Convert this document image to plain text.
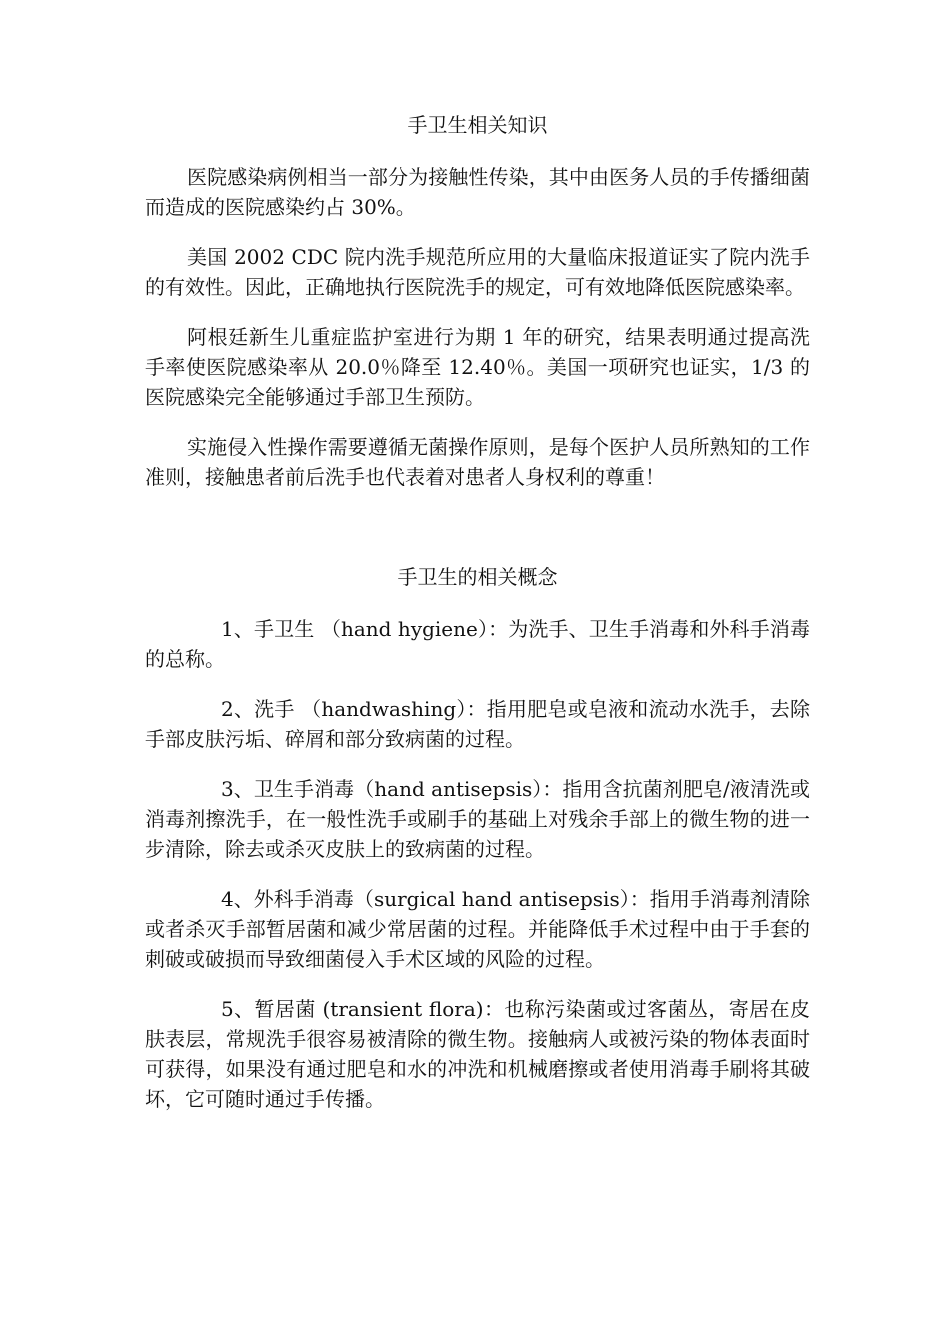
手卫生相关知识

医院感染病例相当一部分为接触性传染，其中由医务人员的手传播细菌而造成的医院感染约占 30%。

美国 2002 CDC 院内洗手规范所应用的大量临床报道证实了院内洗手的有效性。因此，正确地执行医院洗手的规定，可有效地降低医院感染率。

阿根廷新生儿重症监护室进行为期 1 年的研究，结果表明通过提高洗手率使医院感染率从 20.0％降至 12.40％。美国一项研究也证实，1/3 的医院感染完全能够通过手部卫生预防。

实施侵入性操作需要遵循无菌操作原则，是每个医护人员所熟知的工作准则，接触患者前后洗手也代表着对患者人身权利的尊重！

手卫生的相关概念

1、手卫生 （hand hygiene）：为洗手、卫生手消毒和外科手消毒的总称。

2、洗手 （handwashing）：指用肥皂或皂液和流动水洗手，去除手部皮肤污垢、碎屑和部分致病菌的过程。

3、卫生手消毒（hand antisepsis）：指用含抗菌剂肥皂/液清洗或消毒剂擦洗手，在一般性洗手或刷手的基础上对残余手部上的微生物的进一步清除，除去或杀灭皮肤上的致病菌的过程。

4、外科手消毒（surgical hand antisepsis）：指用手消毒剂清除或者杀灭手部暂居菌和减少常居菌的过程。并能降低手术过程中由于手套的刺破或破损而导致细菌侵入手术区域的风险的过程。

5、暂居菌 (transient flora)：也称污染菌或过客菌丛，寄居在皮肤表层，常规洗手很容易被清除的微生物。接触病人或被污染的物体表面时可获得，如果没有通过肥皂和水的冲洗和机械磨擦或者使用消毒手刷将其破坏，它可随时通过手传播。
